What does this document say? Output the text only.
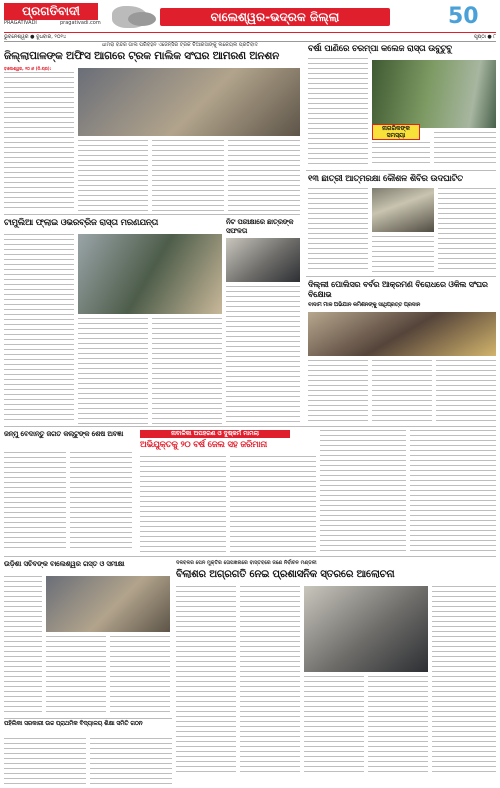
ପ୍ରଗତିବାଦୀ
PRAGATIVADI	pragativadi.com	ବାଲେଶ୍ୱର-ଭଦ୍ରକ ଜିଲ୍ଲା	50
ଭୁବନେଶ୍ୱର ● ବୁଧବାର, ୨୦୨୪	ପୃଷ୍ଠା ● ୮
ଧାମରା ବନ୍ଦର ଗାଲ ପରିବହନ ଏଜେନ୍ସିର ଟ୍ରକ ଚିଆରସାଙ୍କୁ ଲକେୟଲ ପ୍ରତିବାଦ
ଜିଲ୍ଲାପାଳଙ୍କ ଅଫିସ ଆଗରେ ଟ୍ରକ ମାଲିକ ସଂଘର ଆମରଣ ଅନଶନ
ବାଲେଶ୍ୱର, ୨୦।୬ (ନି.ପ୍ର):
ବର୍ଷା ପାଣିରେ ଚରମ୍ପା କଲେଜ ରାସ୍ତା ଉବୁଟୁବୁ
ନାଗରିକଙ୍କ ସମସ୍ୟା
୧୩ ଛାତ୍ରୀ ଆତ୍ମରକ୍ଷା କୌଶଳ ଶିବିର ଉଦଘାଟିତ
ଟାମୁଲିଆ ଫ୍ଲାଇ ଓଭରବ୍ରିଜ ରାସ୍ତା ମରଣଯନ୍ତା	ନିଟ ପରୀକ୍ଷାରେ ଛାତ୍ରଙ୍କ ସଫଳତା
ଦିଲ୍ଲୀ ପୋଲିସର ବର୍ବର ଆକ୍ରମଣ ବିରୋଧରେ ଓକିଲ ସଂଘର ବିକ୍ଷୋଭ
ବାଦାମ ମାଳ ଅଭିଯାନ କମିଶନଙ୍କୁ ସାଥିପ୍ରତ୍ତ ପ୍ରଦାନ
ଜନ୍ମୁ ବେଦାନ୍ତୁ ଜଗତ କଲ୍ଟୁଙ୍କ ଶେଷ ଅବଜ୍ଞା	ନାବାଳିକା ଅପହରଣ ଓ ଦୁଷ୍କର୍ମ ମାମଲା
ଅଭିଯୁକ୍ତକୁ ୨୦ ବର୍ଷ ଜେଲ ସହ ଜରିମାନା
ଉଡ଼ିଶା ସଚିବଙ୍କ ବାଲେଶ୍ୱର ଗସ୍ତ ଓ ସମୀକ୍ଷା	ଦଳବଳର ପେନ ମୁକ୍ତିର ତୋପଖନାରେ ବାସ୍ତବରେ ଜଣେ ନିର୍ବାଚନ ମଣ୍ଡଳୀ
ବିଲାଶର ଅଗ୍ରଗତି ନେଇ ପ୍ରଶାସନିକ ସ୍ତରରେ ଆଲୋଚନା
ପହିଲିକା ସରକାରୀ ଉଚ୍ଚ ପ୍ରାଥମିକ ବିଦ୍ୟାଳୟ ଶିକ୍ଷା ସମିତି ଗଠନ
